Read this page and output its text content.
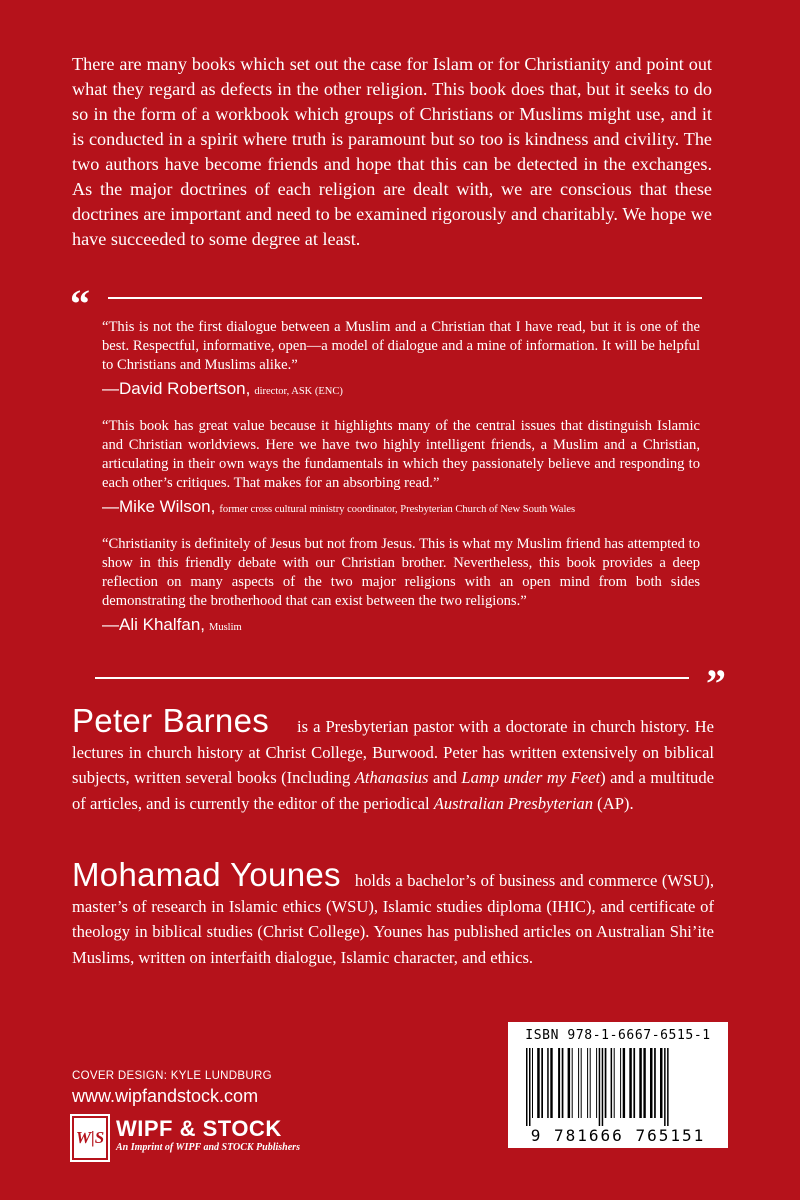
There are many books which set out the case for Islam or for Christianity and point out what they regard as defects in the other religion. This book does that, but it seeks to do so in the form of a workbook which groups of Christians or Muslims might use, and it is conducted in a spirit where truth is paramount but so too is kindness and civility. The two authors have become friends and hope that this can be detected in the exchanges. As the major doctrines of each religion are dealt with, we are conscious that these doctrines are important and need to be examined rigorously and charitably. We hope we have succeeded to some degree at least.

“

“This is not the first dialogue between a Muslim and a Christian that I have read, but it is one of the best. Respectful, informative, open—a model of dialogue and a mine of information. It will be helpful to Christians and Muslims alike.”

—David Robertson, director, ASK (ENC)

“This book has great value because it highlights many of the central issues that distinguish Islamic and Christian worldviews. Here we have two highly intelligent friends, a Muslim and a Christian, articulating in their own ways the fundamentals in which they passionately believe and responding to each other’s critiques. That makes for an absorbing read.”

—Mike Wilson, former cross cultural ministry coordinator, Presbyterian Church of New South Wales

“Christianity is definitely of Jesus but not from Jesus. This is what my Muslim friend has attempted to show in this friendly debate with our Christian brother. Nevertheless, this book provides a deep reflection on many aspects of the two major religions with an open mind from both sides demonstrating the brotherhood that can exist between the two religions.”

—Ali Khalfan, Muslim
”

Peter Barnes is a Presbyterian pastor with a doctorate in church history. He lectures in church history at Christ College, Burwood. Peter has written extensively on biblical subjects, written several books (Including Athanasius and Lamp under my Feet) and a multitude of articles, and is currently the editor of the periodical Australian Presbyterian (AP).

Mohamad Younes holds a bachelor’s of business and commerce (WSU), master’s of research in Islamic ethics (WSU), Islamic studies diploma (IHIC), and certificate of theology in biblical studies (Christ College). Younes has published articles on Australian Shi’ite Muslims, written on interfaith dialogue, Islamic character, and ethics.

COVER DESIGN: KYLE LUNDBURG
www.wipfandstock.com
W|S WIPF & STOCK
An Imprint of WIPF and STOCK Publishers
ISBN 978-1-6667-6515-1
9 781666 765151
